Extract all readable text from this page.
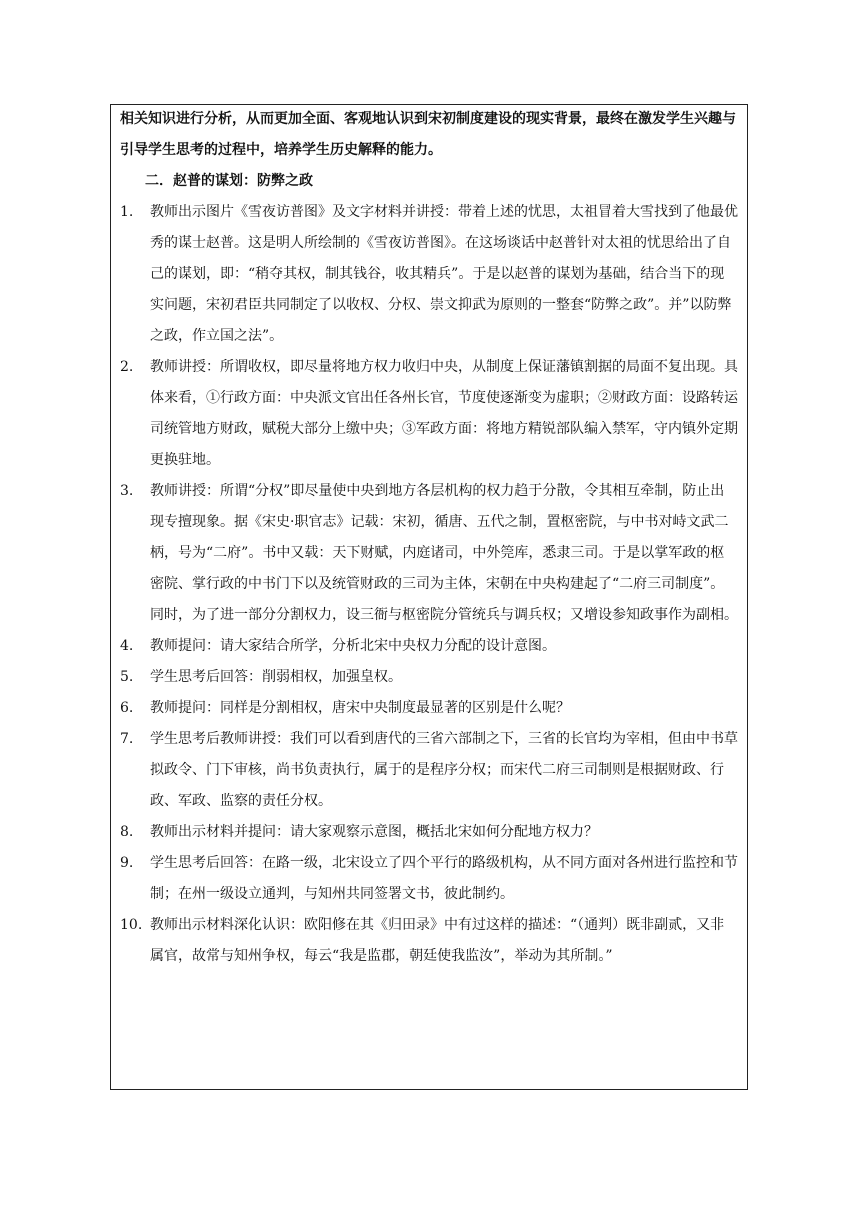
相关知识进行分析，从而更加全面、客观地认识到宋初制度建设的现实背景，最终在激发学生兴趣与引导学生思考的过程中，培养学生历史解释的能力。

二．赵普的谋划：防弊之政

1. 教师出示图片《雪夜访普图》及文字材料并讲授：带着上述的忧思，太祖冒着大雪找到了他最优秀的谋士赵普。这是明人所绘制的《雪夜访普图》。在这场谈话中赵普针对太祖的忧思给出了自己的谋划，即：“稍夺其权，制其钱谷，收其精兵”。于是以赵普的谋划为基础，结合当下的现实问题，宋初君臣共同制定了以收权、分权、崇文抑武为原则的一整套“防弊之政”。并”以防弊之政，作立国之法”。
2. 教师讲授：所谓收权，即尽量将地方权力收归中央，从制度上保证藩镇割据的局面不复出现。具体来看，①行政方面：中央派文官出任各州长官，节度使逐渐变为虚职；②财政方面：设路转运司统管地方财政，赋税大部分上缴中央；③军政方面：将地方精锐部队编入禁军，守内镇外定期更换驻地。
3. 教师讲授：所谓“分权”即尽量使中央到地方各层机构的权力趋于分散，令其相互牵制，防止出现专擅现象。据《宋史·职官志》记载：宋初，循唐、五代之制，置枢密院，与中书对峙文武二柄，号为“二府”。书中又载：天下财赋，内庭诸司，中外筦库，悉隶三司。于是以掌军政的枢密院、掌行政的中书门下以及统管财政的三司为主体，宋朝在中央构建起了“二府三司制度”。同时，为了进一部分分割权力，设三衙与枢密院分管统兵与调兵权；又增设参知政事作为副相。
4. 教师提问：请大家结合所学，分析北宋中央权力分配的设计意图。
5. 学生思考后回答：削弱相权，加强皇权。
6. 教师提问：同样是分割相权，唐宋中央制度最显著的区别是什么呢？
7. 学生思考后教师讲授：我们可以看到唐代的三省六部制之下，三省的长官均为宰相，但由中书草拟政令、门下审核，尚书负责执行，属于的是程序分权；而宋代二府三司制则是根据财政、行政、军政、监察的责任分权。
8. 教师出示材料并提问：请大家观察示意图，概括北宋如何分配地方权力？
9. 学生思考后回答：在路一级，北宋设立了四个平行的路级机构，从不同方面对各州进行监控和节制；在州一级设立通判，与知州共同签署文书，彼此制约。
10. 教师出示材料深化认识：欧阳修在其《归田录》中有过这样的描述：“（通判）既非副贰，又非属官，故常与知州争权，每云“我是监郡，朝廷使我监汝”，举动为其所制。”
